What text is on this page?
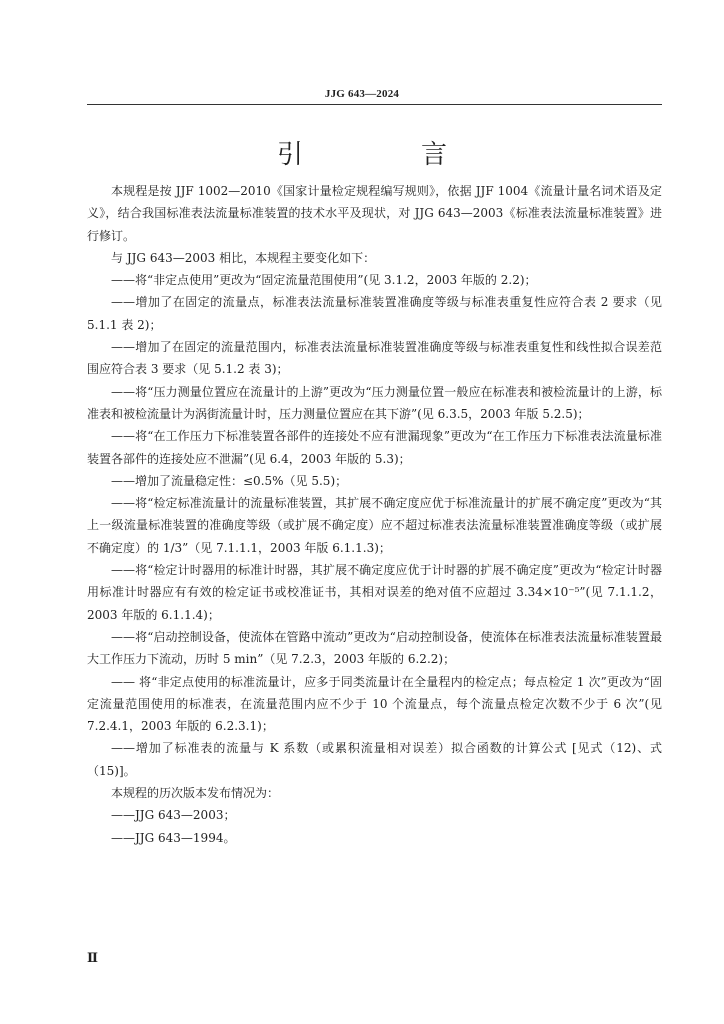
JJG 643—2024
引　言

本规程是按 JJF 1002—2010《国家计量检定规程编写规则》，依据 JJF 1004《流量计量名词术语及定义》，结合我国标准表法流量标准装置的技术水平及现状，对 JJG 643—2003《标准表法流量标准装置》进行修订。

与 JJG 643—2003 相比，本规程主要变化如下：

——将“非定点使用”更改为“固定流量范围使用”(见 3.1.2，2003 年版的 2.2)；

——增加了在固定的流量点，标准表法流量标准装置准确度等级与标准表重复性应符合表 2 要求（见 5.1.1 表 2)；

——增加了在固定的流量范围内，标准表法流量标准装置准确度等级与标准表重复性和线性拟合误差范围应符合表 3 要求（见 5.1.2 表 3)；

——将“压力测量位置应在流量计的上游”更改为“压力测量位置一般应在标准表和被检流量计的上游，标准表和被检流量计为涡街流量计时，压力测量位置应在其下游”(见 6.3.5，2003 年版 5.2.5)；

——将“在工作压力下标准装置各部件的连接处不应有泄漏现象”更改为“在工作压力下标准表法流量标准装置各部件的连接处应不泄漏”(见 6.4，2003 年版的 5.3)；

——增加了流量稳定性：≤0.5%（见 5.5)；

——将“检定标准流量计的流量标准装置，其扩展不确定度应优于标准流量计的扩展不确定度”更改为“其上一级流量标准装置的准确度等级（或扩展不确定度）应不超过标准表法流量标准装置准确度等级（或扩展不确定度）的 1/3”（见 7.1.1.1，2003 年版 6.1.1.3)；

——将“检定计时器用的标准计时器，其扩展不确定度应优于计时器的扩展不确定度”更改为“检定计时器用标准计时器应有有效的检定证书或校准证书，其相对误差的绝对值不应超过 3.34×10⁻⁵”(见 7.1.1.2，2003 年版的 6.1.1.4)；

——将“启动控制设备，使流体在管路中流动”更改为“启动控制设备，使流体在标准表法流量标准装置最大工作压力下流动，历时 5 min”（见 7.2.3，2003 年版的 6.2.2)；

—— 将“非定点使用的标准流量计，应多于同类流量计在全量程内的检定点；每点检定 1 次”更改为“固定流量范围使用的标准表，在流量范围内应不少于 10 个流量点，每个流量点检定次数不少于 6 次”(见 7.2.4.1，2003 年版的 6.2.3.1)；

——增加了标准表的流量与 K 系数（或累积流量相对误差）拟合函数的计算公式 [见式（12)、式（15)]。

本规程的历次版本发布情况为：

——JJG 643—2003；

——JJG 643—1994。

Ⅱ
